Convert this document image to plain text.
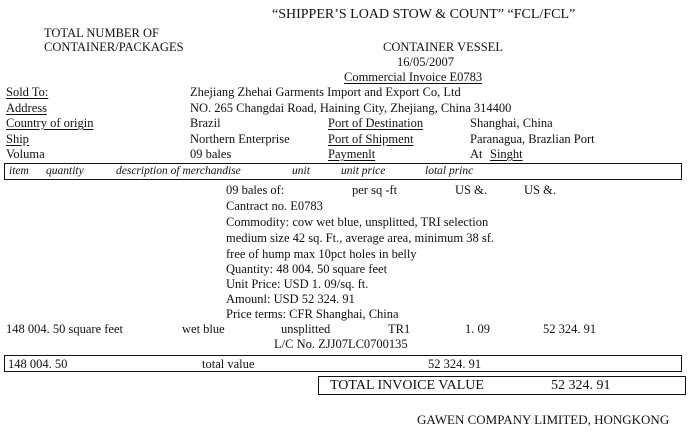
TOTAL NUMBER OF
CONTAINER/PACKAGES
“SHIPPER’S LOAD STOW & COUNT” “FCL/FCL”
CONTAINER VESSEL
16/05/2007
Commercial Invoice E0783
Sold To:	Zhejiang Zhehai Garments Import and Export Co, Ltd
Address	NO. 265 Changdai Road, Haining City, Zhejiang, China 314400
Country of origin	Brazil	Port of Destination	Shanghai, China
Ship	Northern Enterprise	Port of Shipment	Paranagua, Brazlian Port
Voluma	09 bales	Paymenlt	At Singht
item quantity	description of merchandise	unit	unit price	lotal princ
09 bales of:	per sq -ft	US &.	US &.
Cantract no. E0783
Commodity: cow wet blue, unsplitted, TRI selection
medium size 42 sq. Ft., average area, minimum 38 sf.
free of hump max 10pct holes in belly
Quantity: 48 004. 50 square feet
Unit Price: USD 1. 09/sq. ft.
Amounl: USD 52 324. 91
Price terms: CFR Shanghai, China
148 004. 50 square feet	wet blue	unsplitted	TR1	1. 09	52 324. 91
L/C No. ZJJ07LC0700135
148 004. 50	total value	52 324. 91
TOTAL INVOICE VALUE	52 324. 91
GAWEN COMPANY LIMITED, HONGKONG
